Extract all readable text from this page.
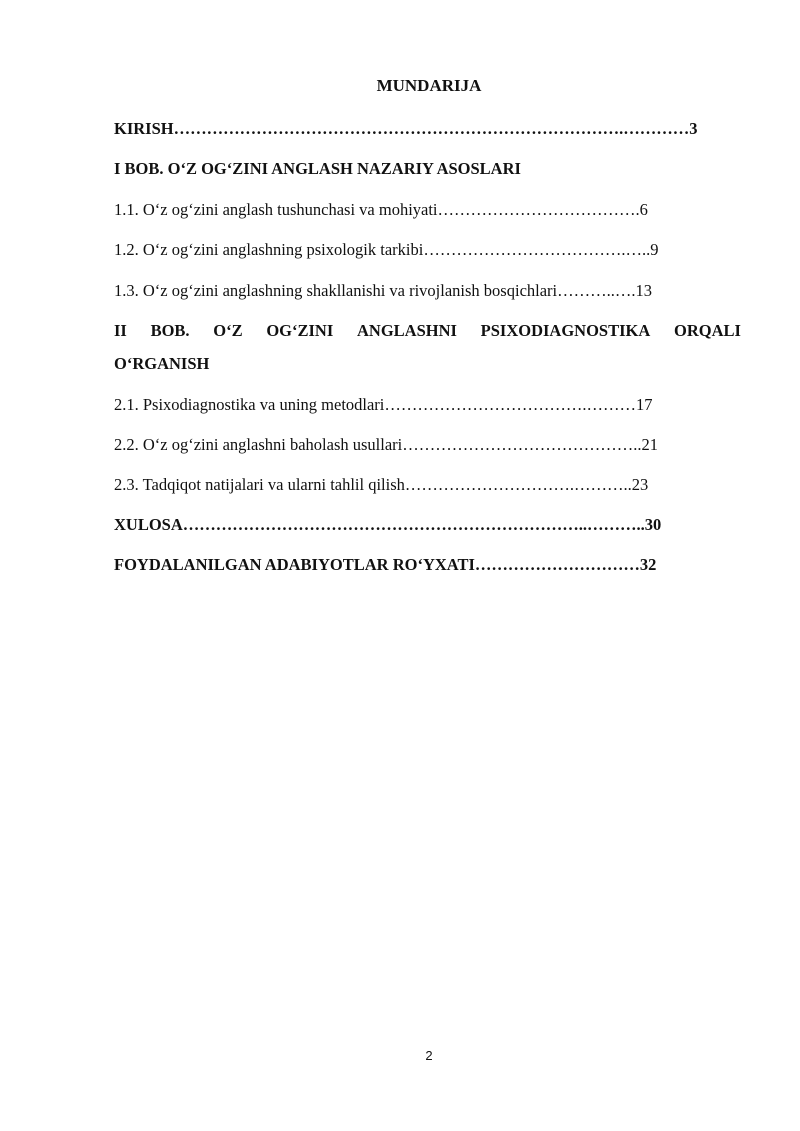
MUNDARIJA
KIRISH……………………………………………………………………….…………3
I BOB. O‘Z OG‘ZINI ANGLASH NAZARIY ASOSLARI
1.1. O‘z og‘zini anglash tushunchasi va mohiyati……………………………….6
1.2. O‘z og‘zini anglashning psixologik tarkibi……………………………….…..9
1.3. O‘z og‘zini anglashning shakllanishi va rivojlanish bosqichlari………..….13
II BOB. O‘Z OG‘ZINI ANGLASHNI PSIXODIAGNOSTIKA ORQALI
O‘RGANISH
2.1. Psixodiagnostika va uning metodlari……………………………….………17
2.2. O‘z og‘zini anglashni baholash usullari……………………………………..21
2.3. Tadqiqot natijalari va ularni tahlil qilish………………………….………..23
XULOSA………………………………………………………………..………..30
FOYDALANILGAN ADABIYOTLAR RO‘YXATI…………………………32
2
